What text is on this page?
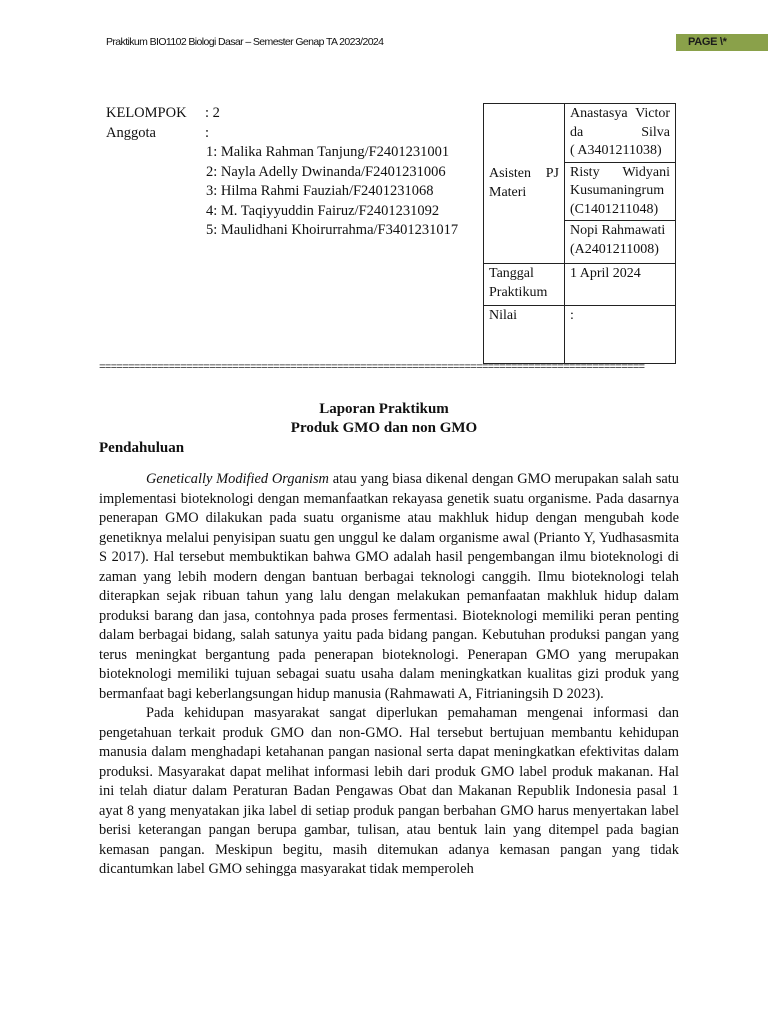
Praktikum BIO1102 Biologi Dasar – Semester Genap TA 2023/2024	PAGE \*
KELOMPOK	: 2
Anggota	:
1: Malika Rahman Tanjung/F2401231001
2: Nayla Adelly Dwinanda/F2401231006
3: Hilma Rahmi Fauziah/F2401231068
4: M. Taqiyyuddin Fairuz/F2401231092
5: Maulidhani Khoirurrahma/F3401231017
Asisten PJ Materi	Anastasya Victor da Silva
( A3401211038)

	Risty Widyani Kusumaningrum
(C1401211048)

	Nopi Rahmawati
(A2401211008)

Tanggal Praktikum	1 April 2024
Nilai	:
==============================================================================================
Laporan Praktikum
Produk GMO dan non GMO
Pendahuluan

Genetically Modified Organism atau yang biasa dikenal dengan GMO merupakan salah satu implementasi bioteknologi dengan memanfaatkan rekayasa genetik suatu organisme. Pada dasarnya penerapan GMO dilakukan pada suatu organisme atau makhluk hidup dengan mengubah kode genetiknya melalui penyisipan suatu gen unggul ke dalam organisme awal (Prianto Y, Yudhasasmita S 2017). Hal tersebut membuktikan bahwa GMO adalah hasil pengembangan ilmu bioteknologi di zaman yang lebih modern dengan bantuan berbagai teknologi canggih. Ilmu bioteknologi telah diterapkan sejak ribuan tahun yang lalu dengan melakukan pemanfaatan makhluk hidup dalam produksi barang dan jasa, contohnya pada proses fermentasi. Bioteknologi memiliki peran penting dalam berbagai bidang, salah satunya yaitu pada bidang pangan. Kebutuhan produksi pangan yang terus meningkat bergantung pada penerapan bioteknologi. Penerapan GMO yang merupakan bioteknologi memiliki tujuan sebagai suatu usaha dalam meningkatkan kualitas gizi produk yang bermanfaat bagi keberlangsungan hidup manusia (Rahmawati A, Fitrianingsih D 2023).

Pada kehidupan masyarakat sangat diperlukan pemahaman mengenai informasi dan pengetahuan terkait produk GMO dan non-GMO. Hal tersebut bertujuan membantu kehidupan manusia dalam menghadapi ketahanan pangan nasional serta dapat meningkatkan efektivitas dalam produksi. Masyarakat dapat melihat informasi lebih dari produk GMO label produk makanan. Hal ini telah diatur dalam Peraturan Badan Pengawas Obat dan Makanan Republik Indonesia pasal 1 ayat 8 yang menyatakan jika label di setiap produk pangan berbahan GMO harus menyertakan label berisi keterangan pangan berupa gambar, tulisan, atau bentuk lain yang ditempel pada bagian kemasan pangan. Meskipun begitu, masih ditemukan adanya kemasan pangan yang tidak dicantumkan label GMO sehingga masyarakat tidak memperoleh
